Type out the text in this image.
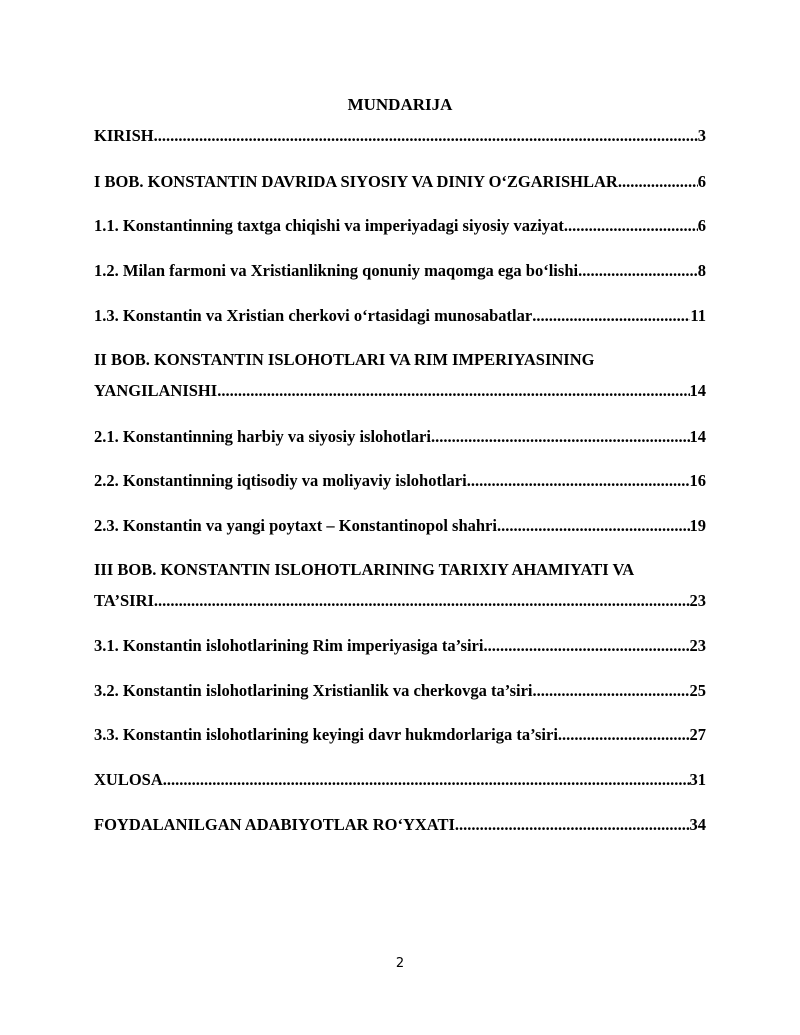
MUNDARIJA
KIRISH .....	3
I BOB. KONSTANTIN DAVRIDA SIYOSIY VA DINIY O‘ZGARISHLAR. .....	6
1.1. Konstantinning taxtga chiqishi va imperiyadagi siyosiy vaziyat .....	6
1.2. Milan farmoni va Xristianlikning qonuniy maqomga ega bo‘lishi .....	8
1.3. Konstantin va Xristian cherkovi o‘rtasidagi munosabatlar .....	11
II BOB. KONSTANTIN ISLOHOTLARI VA RIM IMPERIYASINING
YANGILANISHI .....	14
2.1. Konstantinning harbiy va siyosiy islohotlari .....	14
2.2. Konstantinning iqtisodiy va moliyaviy islohotlari .....	16
2.3. Konstantin va yangi poytaxt – Konstantinopol shahri .....	19
III BOB. KONSTANTIN ISLOHOTLARINING TARIXIY AHAMIYATI VA
TA’SIRI .....	23
3.1. Konstantin islohotlarining Rim imperiyasiga ta’siri .....	23
3.2. Konstantin islohotlarining Xristianlik va cherkovga ta’siri .....	25
3.3. Konstantin islohotlarining keyingi davr hukmdorlariga ta’siri .....	27
XULOSA .....	31
FOYDALANILGAN ADABIYOTLAR RO‘YXATI .....	34
2
